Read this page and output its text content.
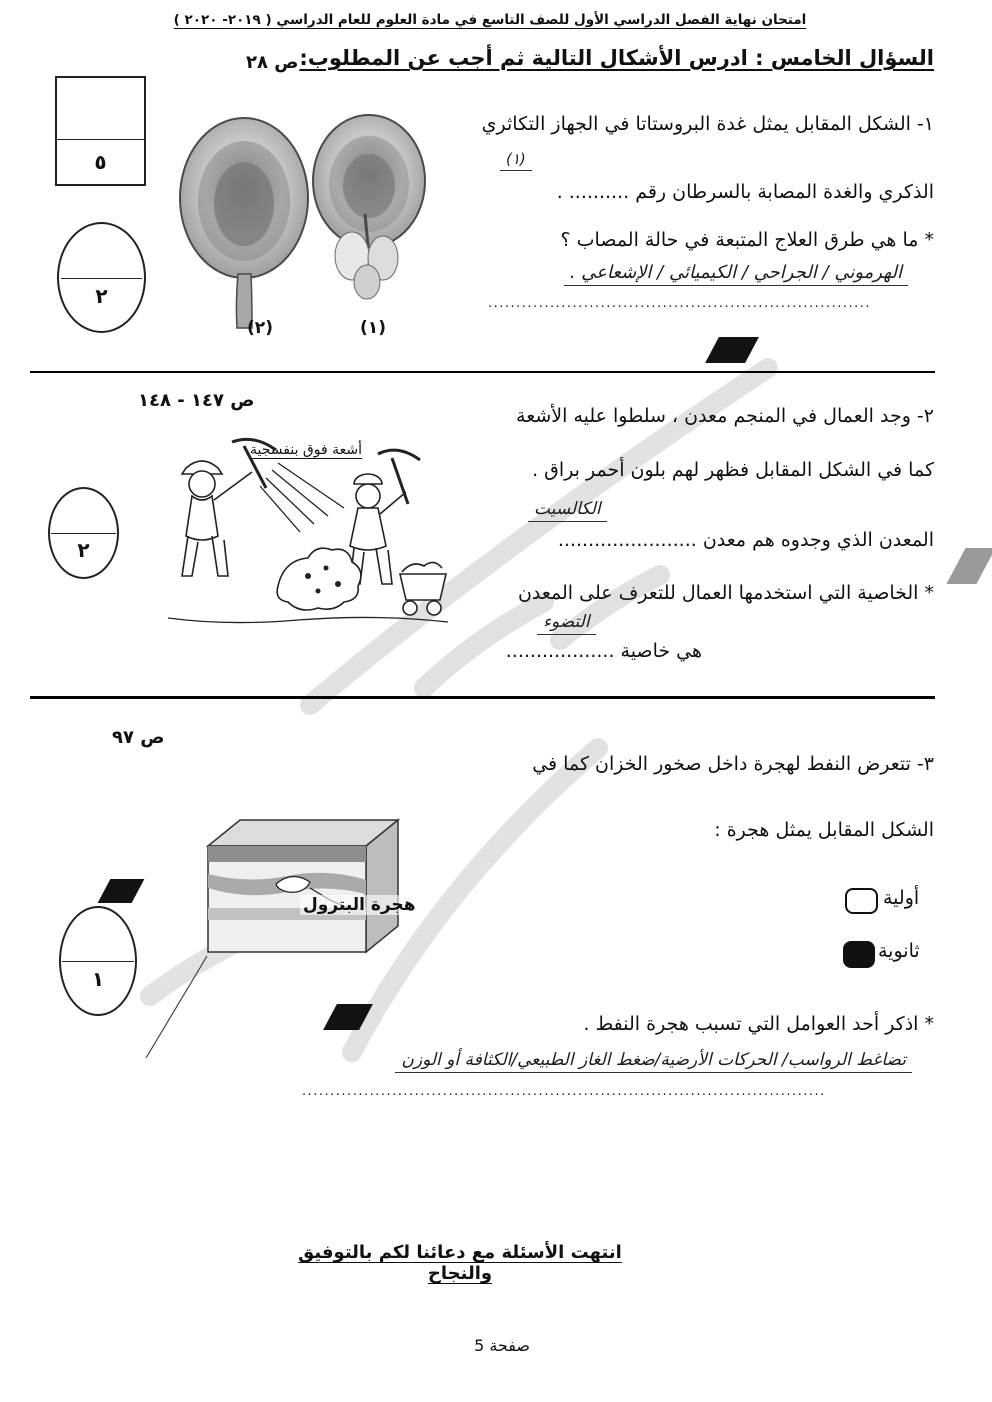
امتحان نهاية الفصل الدراسي الأول للصف التاسع في مادة العلوم للعام الدراسي ( ٢٠١٩- ٢٠٢٠ )
السؤال الخامس : ادرس الأشكال التالية ثم أجب عن المطلوب:
ص ٢٨
٥
٢
(٢)	(١)
١- الشكل المقابل يمثل غدة البروستاتا في الجهاز التكاثري
(١)
الذكري والغدة المصابة بالسرطان رقم .......... .
* ما هي طرق العلاج المتبعة في حالة المصاب ؟
الهرموني / الجراحي / الكيميائي / الإشعاعي .
....................................................................
ص ١٤٧ - ١٤٨
٢- وجد العمال في المنجم معدن ، سلطوا عليه الأشعة
كما في الشكل المقابل فظهر لهم بلون أحمر براق .
الكالسيت
المعدن الذي وجدوه هم معدن .......................
* الخاصية التي استخدمها العمال للتعرف على المعدن
التضوء
هي خاصية ..................
أشعة فوق بنفسجية
٢
ص ٩٧
٣- تتعرض النفط لهجرة داخل صخور الخزان كما في
الشكل المقابل يمثل هجرة :
هجرة البترول	أولية
ثانوية
١
* اذكر أحد العوامل التي تسبب هجرة النفط .
تضاغط الرواسب/ الحركات الأرضية/ضغط الغاز الطبيعي/الكثافة أو الوزن
.............................................................................................
انتهت الأسئلة مع دعائنا لكم بالتوفيق والنجاح
صفحة 5
